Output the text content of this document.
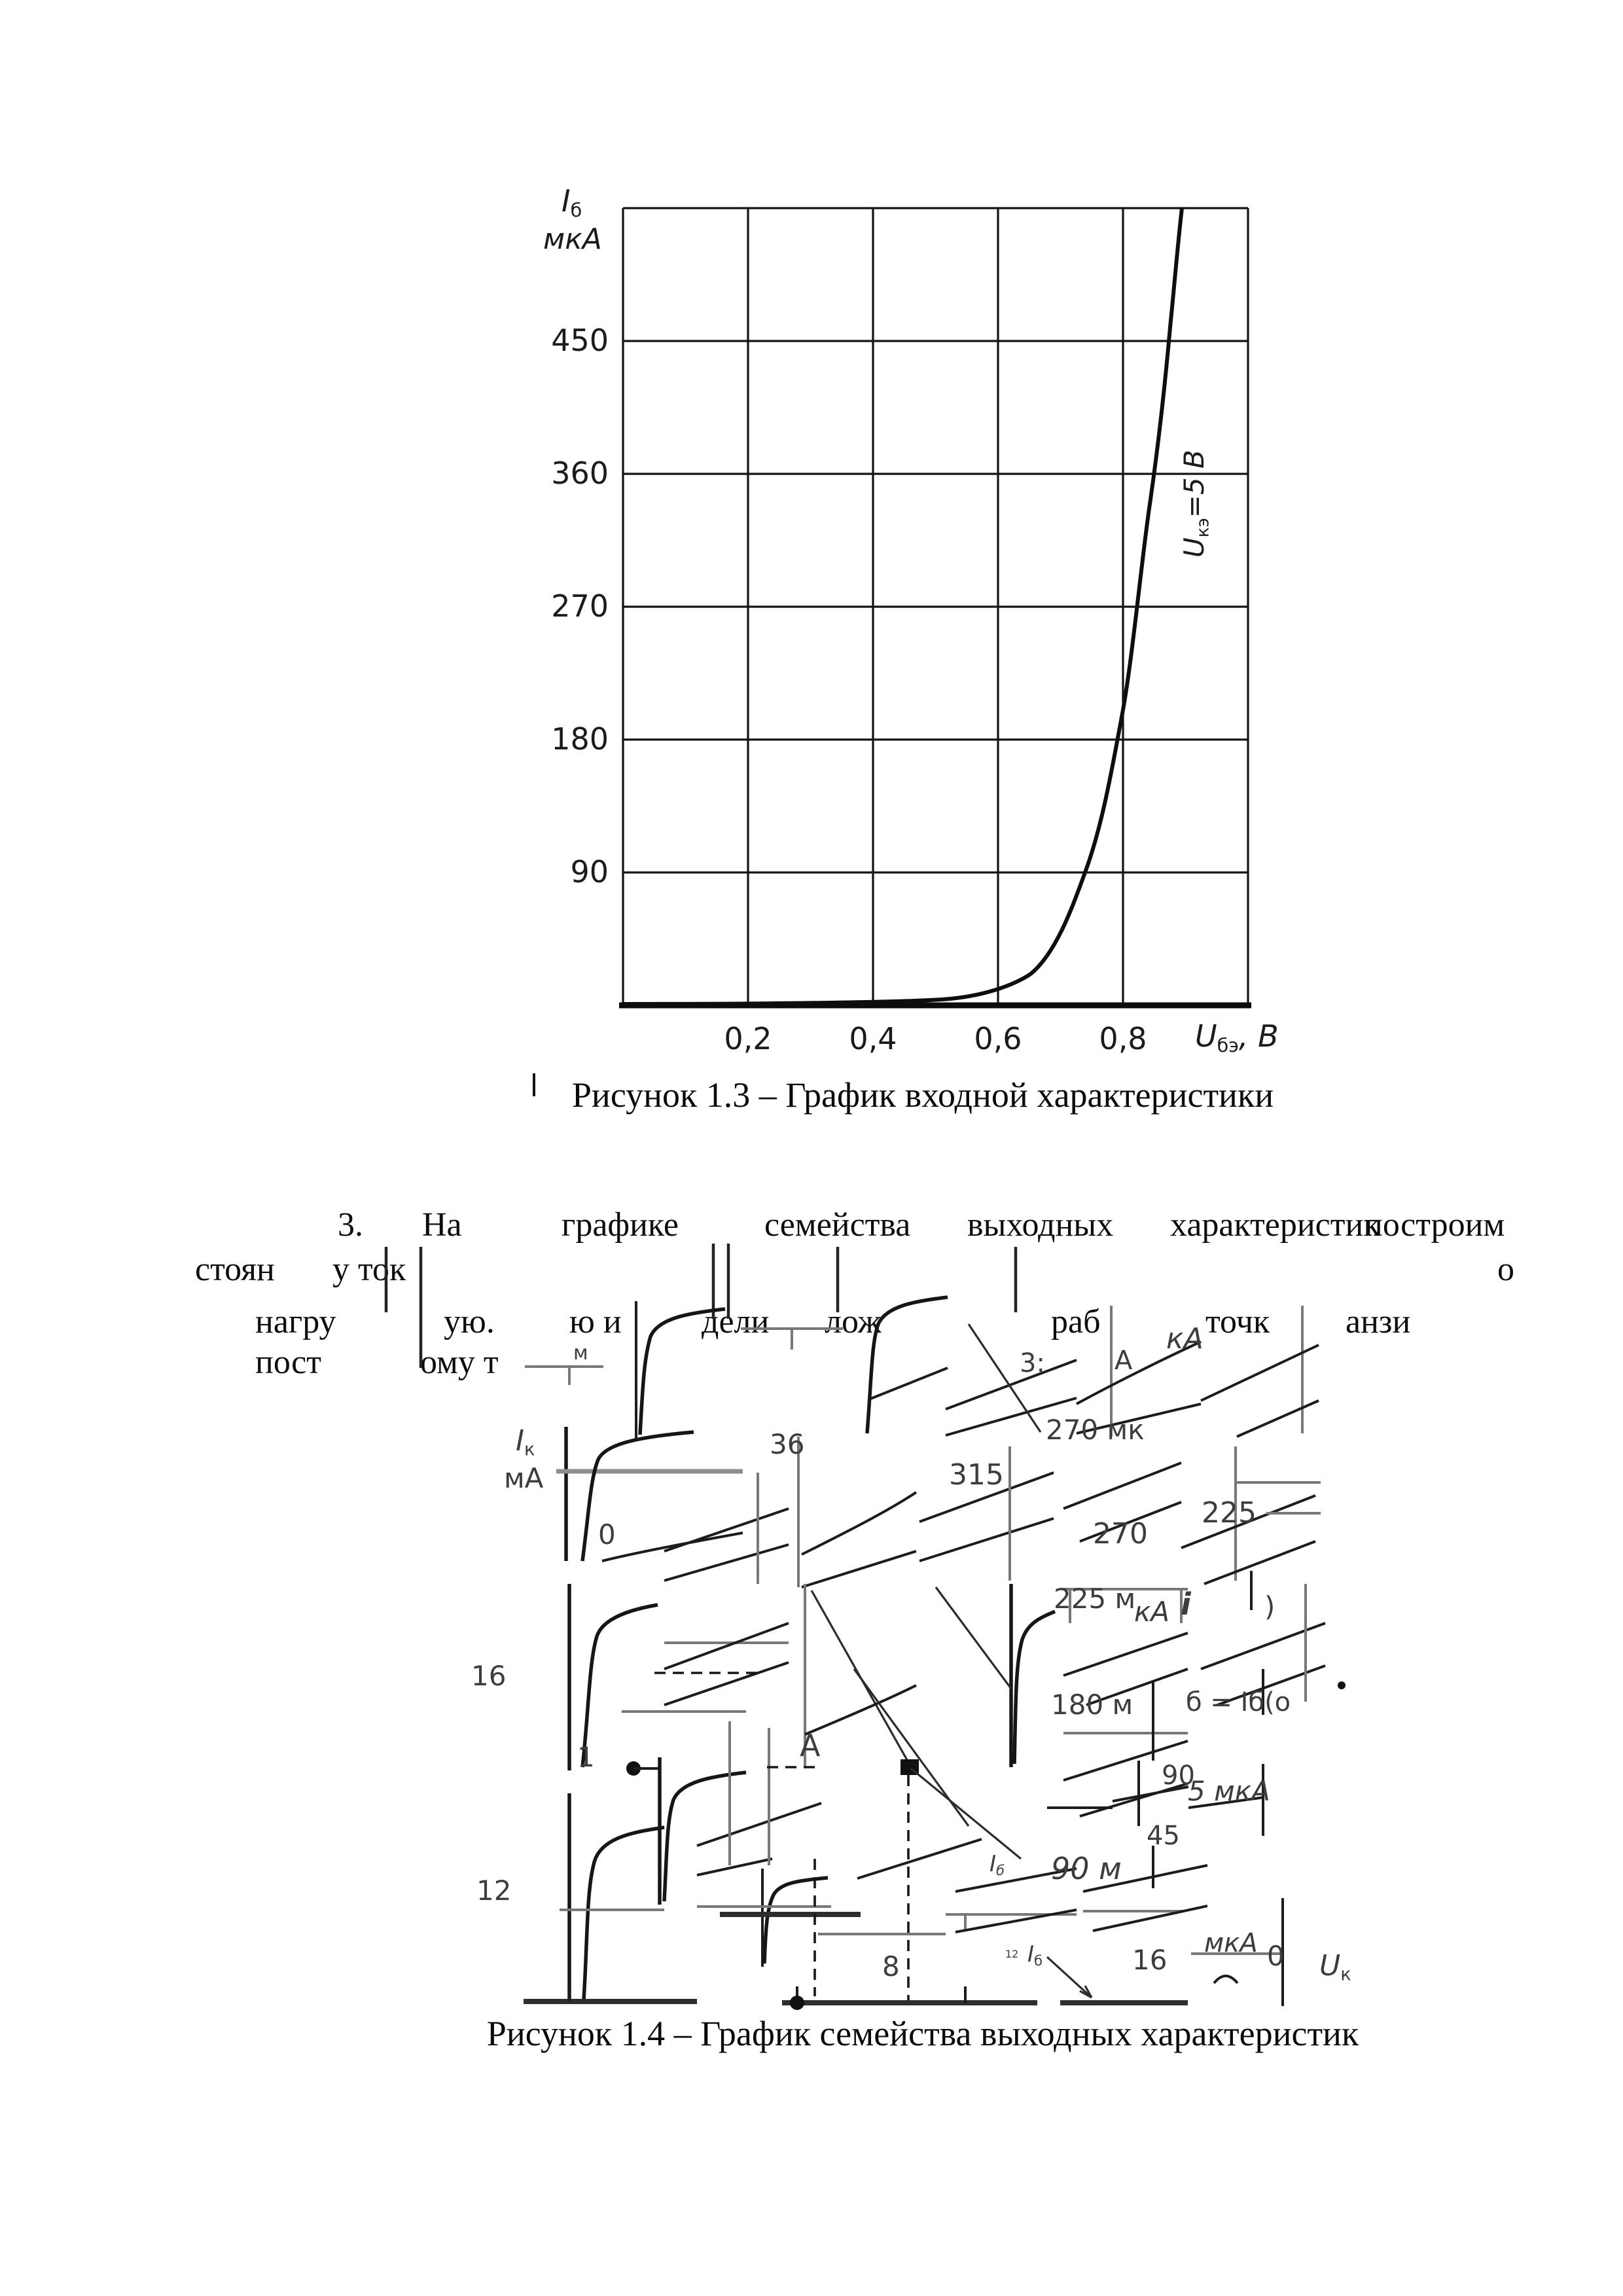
Iб
мкА
450
360
270
180
90
0,2	0,4	0,6	0,8	Uбэ, В
Uкэ=5 В
Рисунок 1.3 – График входной характеристики
3. На	графике	семейства выходных характеристик
построим
стоян у ток	о
нагру	ую. ю и дели лож	раб	точк анзи
пост	ому т
кА
м	3:	А
Iк
мА
36
315
270 мк
270
225
0
16
225 м
кА i	)
А
180 м б = Iб(о
1
90
5 мкА
45
Iб 90 м
12
8	12	16
мкА 0 Uк
Iб
Рисунок 1.4 – График семейства выходных характеристик
